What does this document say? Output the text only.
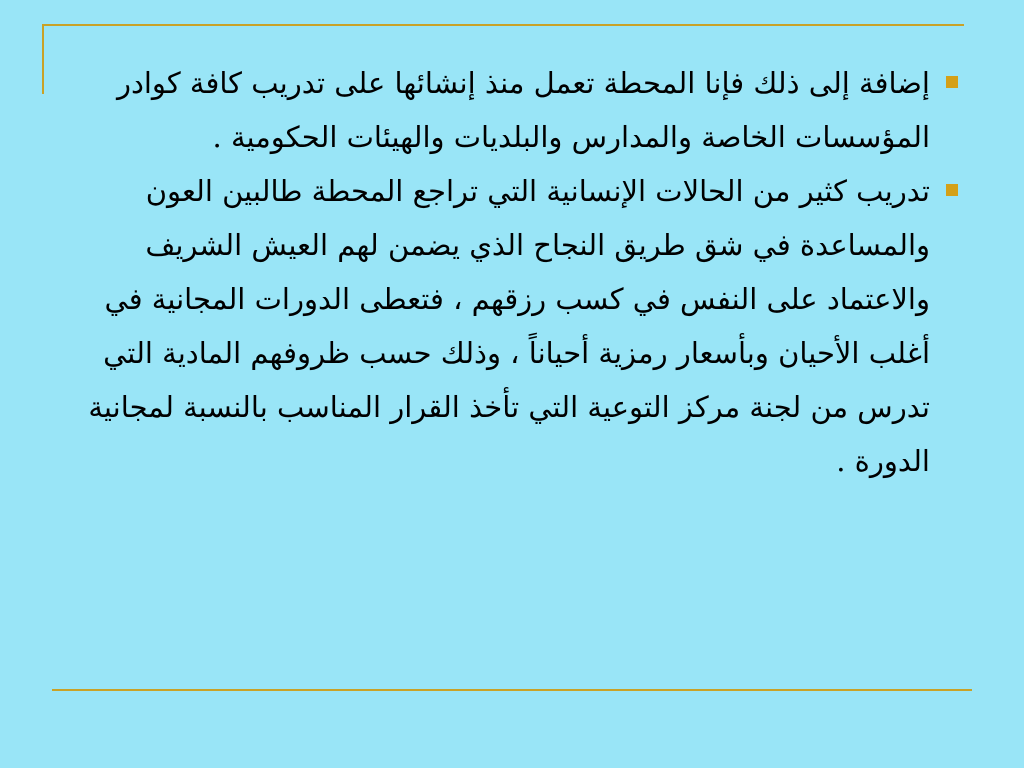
إضافة إلى ذلك فإنا المحطة تعمل منذ إنشائها على تدريب كافة كوادر المؤسسات الخاصة والمدارس والبلديات والهيئات الحكومية .
تدريب كثير من الحالات الإنسانية التي تراجع المحطة طالبين العون والمساعدة في شق طريق النجاح الذي يضمن لهم العيش الشريف والاعتماد على النفس في كسب رزقهم ، فتعطى الدورات المجانية في أغلب الأحيان وبأسعار رمزية أحياناً ، وذلك حسب ظروفهم المادية التي تدرس من لجنة مركز التوعية التي تأخذ القرار المناسب بالنسبة لمجانية الدورة .
